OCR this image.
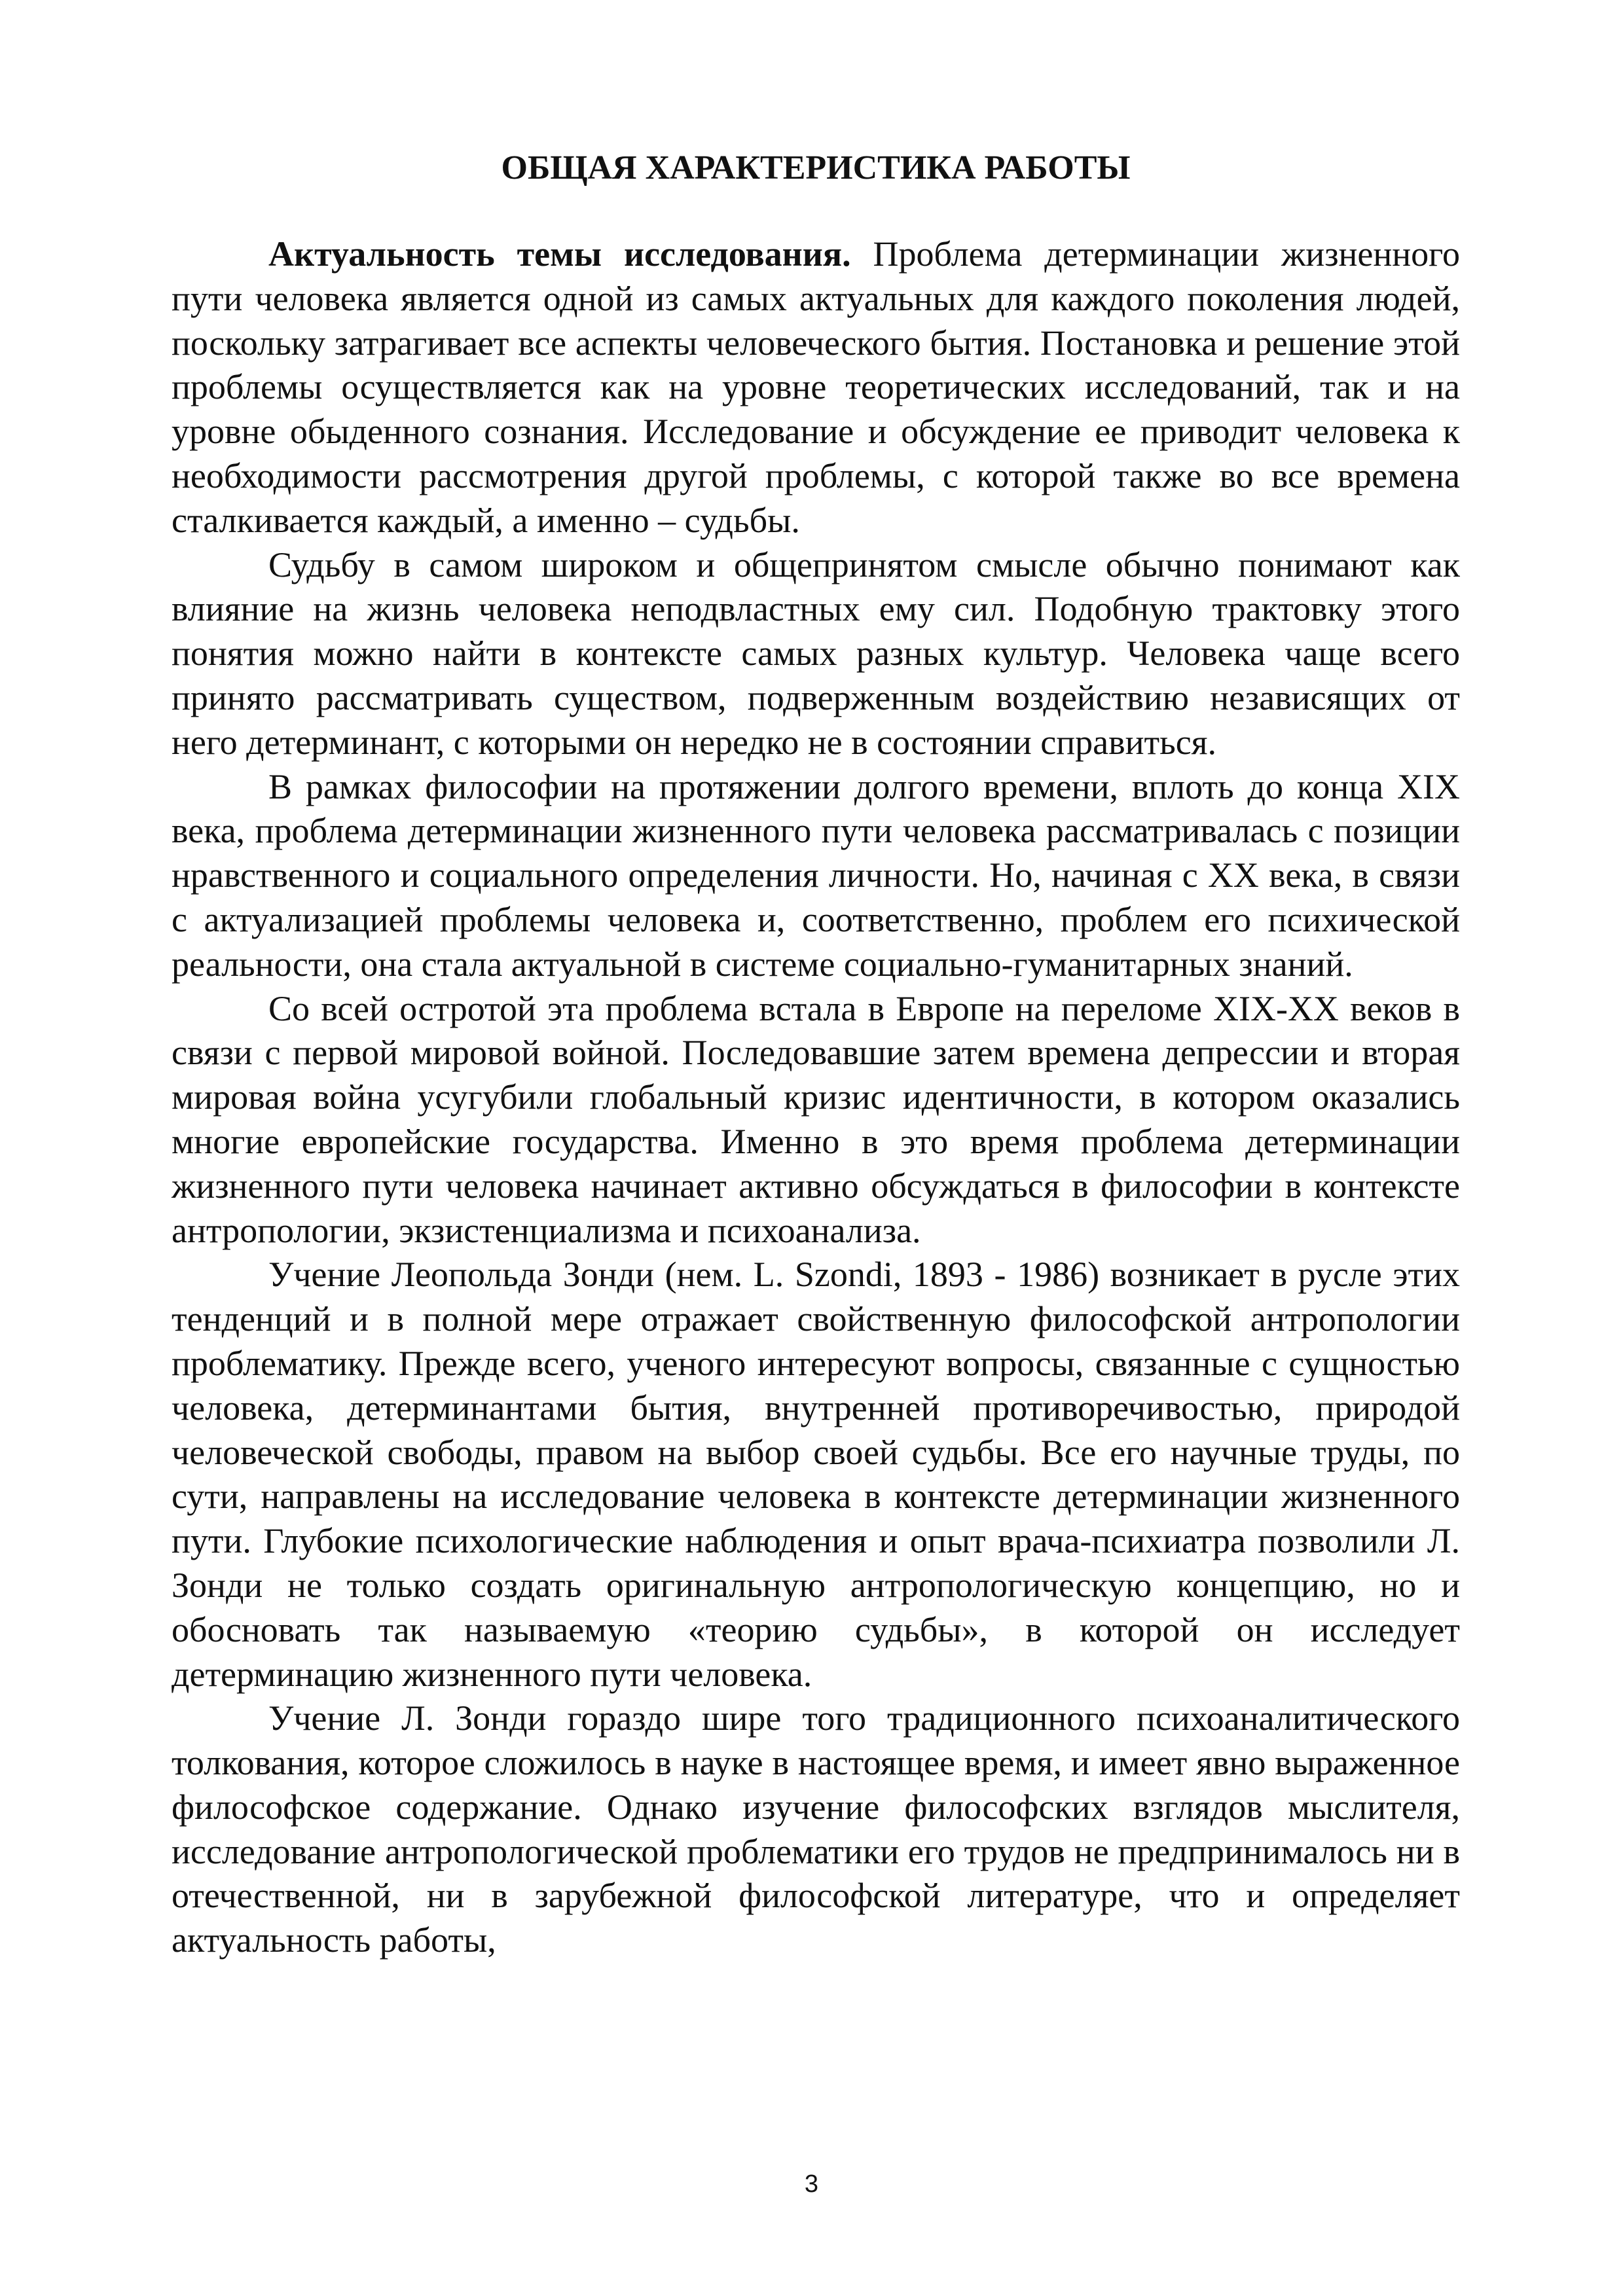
ОБЩАЯ ХАРАКТЕРИСТИКА РАБОТЫ

Актуальность темы исследования. Проблема детерминации жизненного пути человека является одной из самых актуальных для каждого поколения людей, поскольку затрагивает все аспекты человеческого бытия. Постановка и решение этой проблемы осуществляется как на уровне теоретических исследований, так и на уровне обыденного сознания. Исследование и обсуждение ее приводит человека к необходимости рассмотрения другой проблемы, с которой также во все времена сталкивается каждый, а именно – судьбы.

Судьбу в самом широком и общепринятом смысле обычно понимают как влияние на жизнь человека неподвластных ему сил. Подобную трактовку этого понятия можно найти в контексте самых разных культур. Человека чаще всего принято рассматривать существом, подверженным воздействию независящих от него детерминант, с которыми он нередко не в состоянии справиться.

В рамках философии на протяжении долгого времени, вплоть до конца XIX века, проблема детерминации жизненного пути человека рассматривалась с позиции нравственного и социального определения личности. Но, начиная с XX века, в связи с актуализацией проблемы человека и, соответственно, проблем его психической реальности, она стала актуальной в системе социально-гуманитарных знаний.

Со всей остротой эта проблема встала в Европе на переломе XIX-XX веков в связи с первой мировой войной. Последовавшие затем времена депрессии и вторая мировая война усугубили глобальный кризис идентичности, в котором оказались многие европейские государства. Именно в это время проблема детерминации жизненного пути человека начинает активно обсуждаться в философии в контексте антропологии, экзистенциализма и психоанализа.

Учение Леопольда Зонди (нем. L. Szondi, 1893 - 1986) возникает в русле этих тенденций и в полной мере отражает свойственную философской антропологии проблематику. Прежде всего, ученого интересуют вопросы, связанные с сущностью человека, детерминантами бытия, внутренней противоречивостью, природой человеческой свободы, правом на выбор своей судьбы. Все его научные труды, по сути, направлены на исследование человека в контексте детерминации жизненного пути. Глубокие психологические наблюдения и опыт врача-психиатра позволили Л. Зонди не только создать оригинальную антропологическую концепцию, но и обосновать так называемую «теорию судьбы», в которой он исследует детерминацию жизненного пути человека.

Учение Л. Зонди гораздо шире того традиционного психоаналитического толкования, которое сложилось в науке в настоящее время, и имеет явно выраженное философское содержание. Однако изучение философских взглядов мыслителя, исследование антропологической проблематики его трудов не предпринималось ни в отечественной, ни в зарубежной философской литературе, что и определяет актуальность работы,

3
